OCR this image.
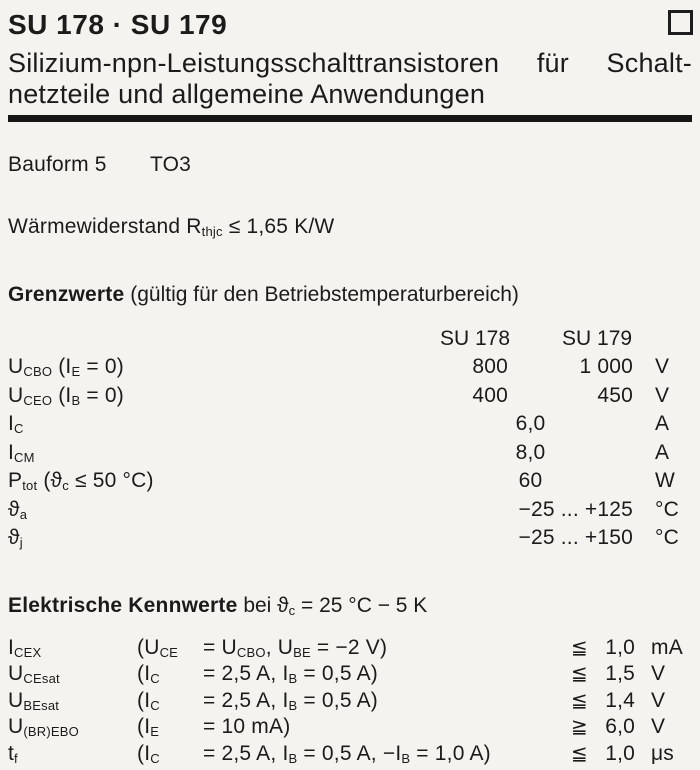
SU 178 · SU 179

Silizium-npn-Leistungsschalttransistoren für Schalt-
netzteile und allgemeine Anwendungen

Bauform 5 TO3

Wärmewiderstand $R_{thjc} \le 1,65$ K/W

Grenzwerte (gültig für den Betriebstemperaturbereich)
SU 178 SU 179
$U_{CBO}$ $(I_E = 0)$	800	1 000	V
$U_{CEO}$ $(I_B = 0)$	400	450	V
$I_C$	6,0	A
$I_{CM}$	8,0	A
$P_{tot}$ ($ϑ_c \le 50$ °C)	60	W
$ϑ_a$	−25 ... +125	°C
$ϑ_j$	−25 ... +150	°C
Elektrische Kennwerte bei $ϑ_c = 25$ °C − 5 K
$I_{CEX}$	($U_{CE}$	= $U_{CBO}$, $U_{BE} = -2$ V)	≦ 1,0 mA
$U_{CEsat}$	($I_C$	= 2,5 A, $I_B = 0,5$ A)	≦ 1,5 V
$U_{BEsat}$	($I_C$	= 2,5 A, $I_B = 0,5$ A)	≦ 1,4 V
$U_{(BR)EBO}$	($I_E$	= 10 mA)	≧ 6,0 V
$t_f$	($I_C$	= 2,5 A, $I_B = 0,5$ A, $-I_B = 1,0$ A)	≦ 1,0 μs
